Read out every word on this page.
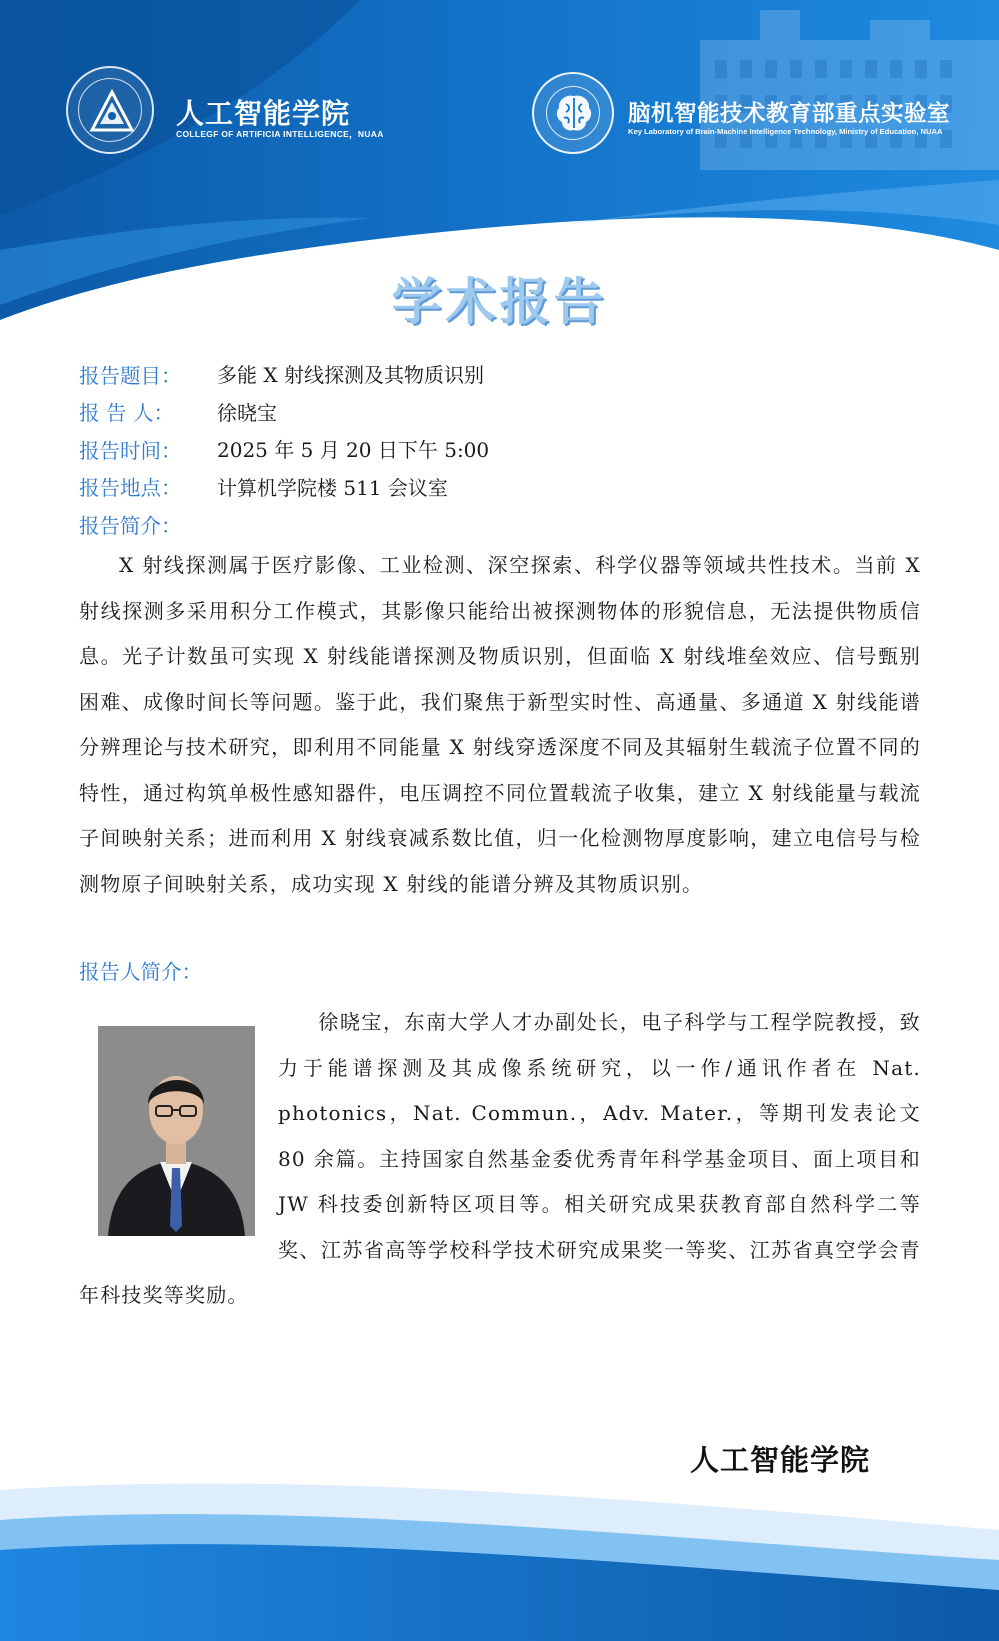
人工智能学院
COLLEGF OF ARTIFICIA INTELLIGENCE，NUAA
脑机智能技术教育部重点实验室
Key Laboratory of Brain-Machine Intelligence Technology, Ministry of Education, NUAA
学术报告
报告题目：	多能 X 射线探测及其物质识别
报 告 人：	徐晓宝
报告时间：	2025 年 5 月 20 日下午 5:00
报告地点：	计算机学院楼 511 会议室
报告简介：
X 射线探测属于医疗影像、工业检测、深空探索、科学仪器等领域共性技术。当前 X 射线探测多采用积分工作模式，其影像只能给出被探测物体的形貌信息，无法提供物质信息。光子计数虽可实现 X 射线能谱探测及物质识别，但面临 X 射线堆垒效应、信号甄别困难、成像时间长等问题。鉴于此，我们聚焦于新型实时性、高通量、多通道 X 射线能谱分辨理论与技术研究，即利用不同能量 X 射线穿透深度不同及其辐射生载流子位置不同的特性，通过构筑单极性感知器件，电压调控不同位置载流子收集，建立 X 射线能量与载流子间映射关系；进而利用 X 射线衰减系数比值，归一化检测物厚度影响，建立电信号与检测物原子间映射关系，成功实现 X 射线的能谱分辨及其物质识别。
报告人简介：
徐晓宝，东南大学人才办副处长，电子科学与工程学院教授，致力于能谱探测及其成像系统研究，以一作/通讯作者在 Nat. photonics，Nat. Commun.，Adv. Mater.，等期刊发表论文 80 余篇。主持国家自然基金委优秀青年科学基金项目、面上项目和 JW 科技委创新特区项目等。相关研究成果获教育部自然科学二等奖、江苏省高等学校科学技术研究成果奖一等奖、江苏省真空学会青年科技奖等奖励。
人工智能学院
